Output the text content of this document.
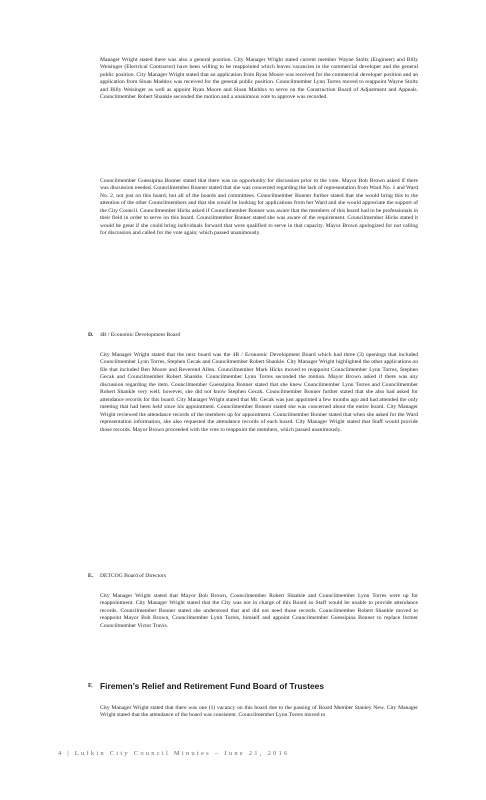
Manager Wright stated there was also a general position. City Manager Wright stated current member Wayne Stoltz (Engineer) and Billy Weisinger (Electrical Contractor) have been willing to be reappointed which leaves vacancies in the commercial developer and the general public position. City Manager Wright stated that an application from Ryan Moore was received for the commercial developer position and an application from Sloan Maddox was received for the general public position. Councilmember Lynn Torres moved to reappoint Wayne Stoltz and Billy Weisinger as well as appoint Ryan Moore and Sloan Maddox to serve on the Construction Board of Adjustment and Appeals. Councilmember Robert Shankle seconded the motion and a unanimous vote to approve was recorded.

Councilmember Guessipina Bonner stated that there was no opportunity for discussion prior to the vote. Mayor Bob Brown asked if there was discussion needed. Councilmember Bonner stated that she was concerned regarding the lack of representation from Ward No. 1 and Ward No. 2, not just on this board, but all of the boards and committees. Councilmember Bonner further stated that she would bring this to the attention of the other Councilmembers and that she would be looking for applications from her Ward and she would appreciate the support of the City Council. Councilmember Hicks asked if Councilmember Bonner was aware that the members of this board had to be professionals in their field in order to serve on this board. Councilmember Bonner stated she was aware of the requirement. Councilmember Hicks stated it would be great if she could bring individuals forward that were qualified to serve in that capacity. Mayor Brown apologized for not calling for discussion and called for the vote again; which passed unanimously.

D. 4B / Economic Development Board

City Manager Wright stated that the next board was the 4B / Economic Development Board which had three (3) openings that included Councilmember Lynn Torres, Stephen Gecak and Councilmember Robert Shankle. City Manager Wright highlighted the other applications on file that included Ben Moore and Reverend Allen. Councilmember Mark Hicks moved to reappoint Councilmember Lynn Torres, Stephen Gecak and Councilmember Robert Shankle. Councilmember Lynn Torres seconded the motion. Mayor Brown asked if there was any discussion regarding the item. Councilmember Guessipina Bonner stated that she knew Councilmember Lynn Torres and Councilmember Robert Shankle very well; however, she did not know Stephen Gecak. Councilmember Bonner further stated that she also had asked for attendance records for this board. City Manager Wright stated that Mr. Gecak was just appointed a few months ago and had attended the only meeting that had been held since his appointment. Councilmember Bonner stated she was concerned about the entire board. City Manager Wright reviewed the attendance records of the members up for appointment. Councilmember Bonner stated that when she asked for the Ward representation information, she also requested the attendance records of each board. City Manager Wright stated that Staff would provide those records. Mayor Brown proceeded with the vote to reappoint the members, which passed unanimously.

E. DETCOG Board of Directors

City Manager Wright stated that Mayor Bob Brown, Councilmember Robert Shankle and Councilmember Lynn Torres were up for reappointment. City Manager Wright stated that the City was not in charge of this Board so Staff would be unable to provide attendance records. Councilmember Bonner stated she understood that and did not need those records. Councilmember Robert Shankle moved to reappoint Mayor Bob Brown, Councilmember Lynn Torres, himself and appoint Councilmember Guessipina Bonner to replace former Councilmember Victor Travis.

F. Firemen’s Relief and Retirement Fund Board of Trustees

City Manager Wright stated that there was one (1) vacancy on this board due to the passing of Board Member Stanley New. City Manager Wright stated that the attendance of the board was consistent. Councilmember Lynn Torres moved to

4 | Lufkin City Council Minutes – June 21, 2016
